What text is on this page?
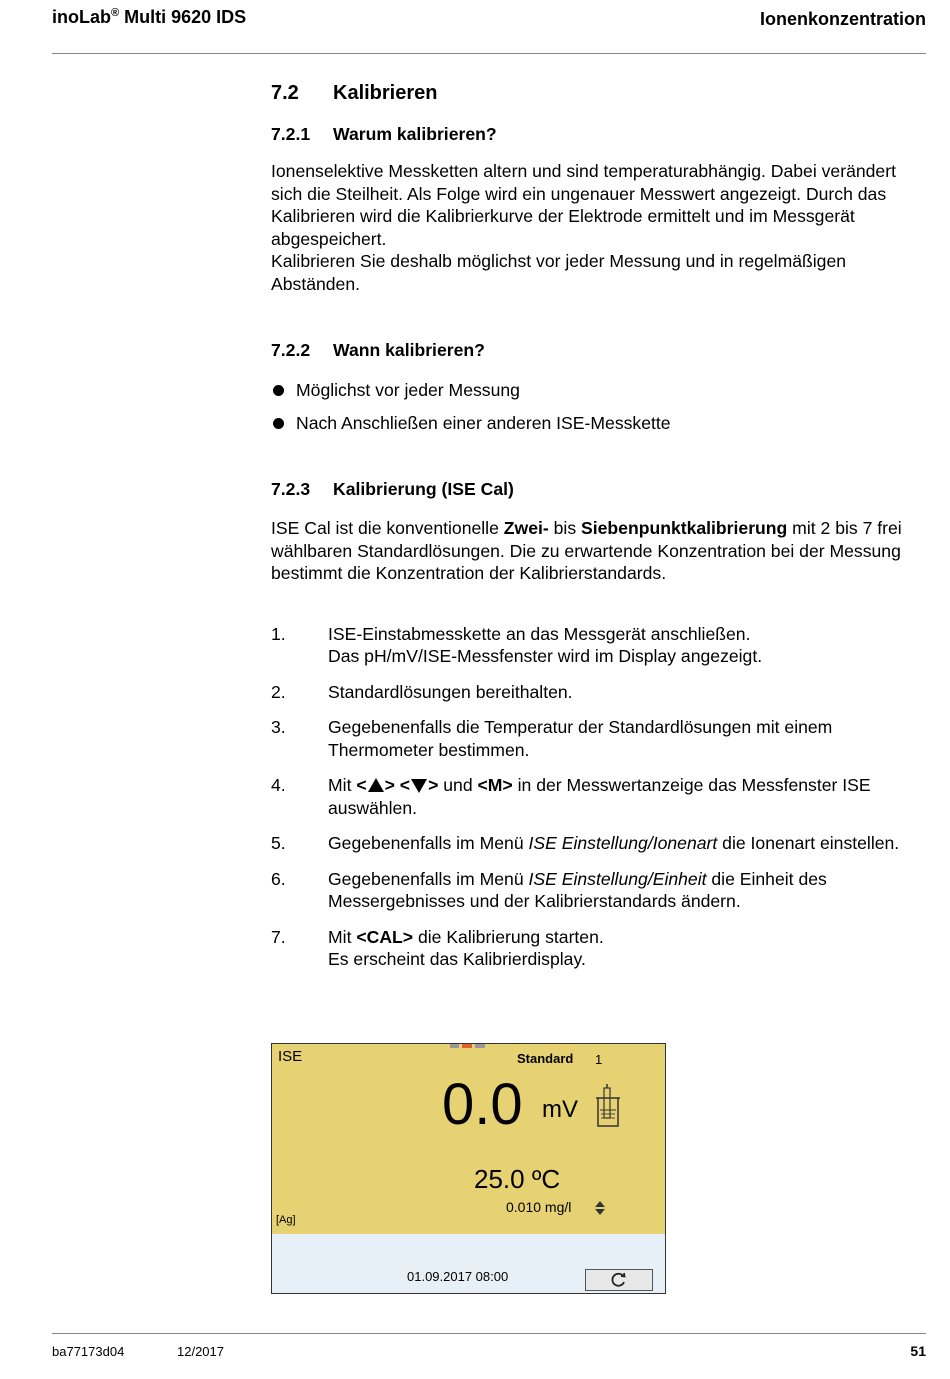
inoLab® Multi 9620 IDS	Ionenkonzentration
7.2	Kalibrieren
7.2.1	Warum kalibrieren?

Ionenselektive Messketten altern und sind temperaturabhängig. Dabei verändert sich die Steilheit. Als Folge wird ein ungenauer Messwert angezeigt. Durch das Kalibrieren wird die Kalibrierkurve der Elektrode ermittelt und im Messgerät abgespeichert.

Kalibrieren Sie deshalb möglichst vor jeder Messung und in regelmäßigen Abständen.

7.2.2	Wann kalibrieren?
Möglichst vor jeder Messung
Nach Anschließen einer anderen ISE-Messkette
7.2.3	Kalibrierung (ISE Cal)

ISE Cal ist die konventionelle Zwei- bis Siebenpunktkalibrierung mit 2 bis 7 frei wählbaren Standardlösungen. Die zu erwartende Konzentration bei der Messung bestimmt die Konzentration der Kalibrierstandards.

1.	ISE-Einstabmesskette an das Messgerät anschließen.
Das pH/mV/ISE-Messfenster wird im Display angezeigt.
2.	Standardlösungen bereithalten.
3.	Gegebenenfalls die Temperatur der Standardlösungen mit einem Thermometer bestimmen.
4.	Mit < > < > und <M> in der Messwertanzeige das Messfenster ISE auswählen.
5.	Gegebenenfalls im Menü ISE Einstellung/Ionenart die Ionenart einstellen.
6.	Gegebenenfalls im Menü ISE Einstellung/Einheit die Einheit des Messergebnisses und der Kalibrierstandards ändern.
7.	Mit <CAL> die Kalibrierung starten.
Es erscheint das Kalibrierdisplay.
ISE	Standard 1
0.0 mV
25.0 ºC
0.010 mg/l
[Ag]
01.09.2017 08:00
ba77173d04	12/2017	51
